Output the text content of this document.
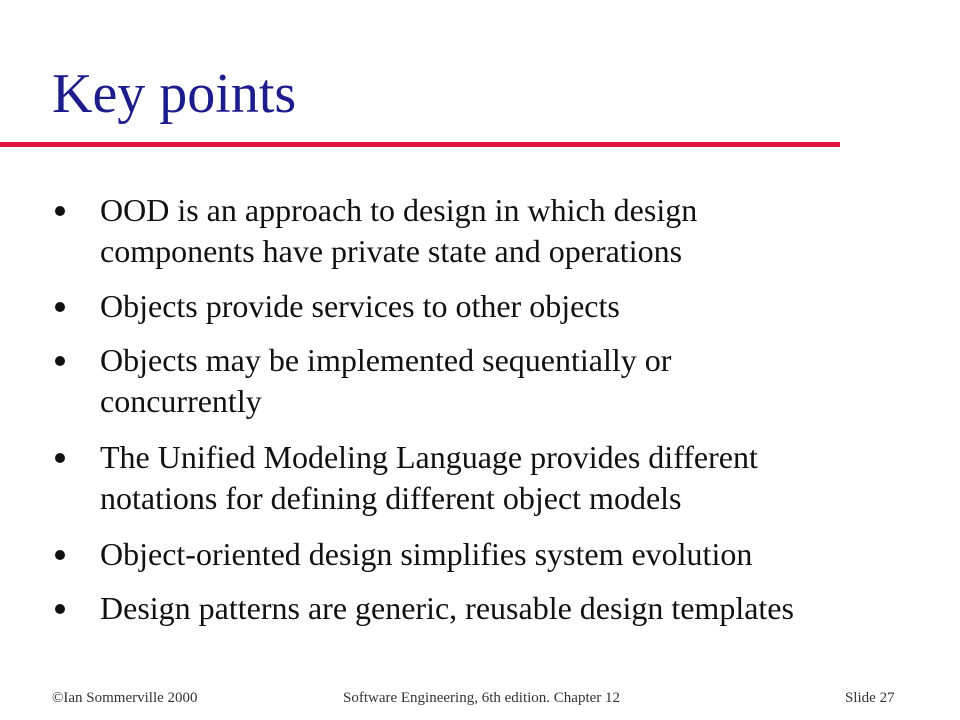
Key points
OOD is an approach to design in which design
components have private state and operations
Objects provide services to other objects
Objects may be implemented sequentially or
concurrently
The Unified Modeling Language provides different
notations for defining different object models
Object-oriented design simplifies system evolution
Design patterns are generic, reusable design templates
©Ian Sommerville 2000	Software Engineering, 6th edition. Chapter 12	Slide 27
